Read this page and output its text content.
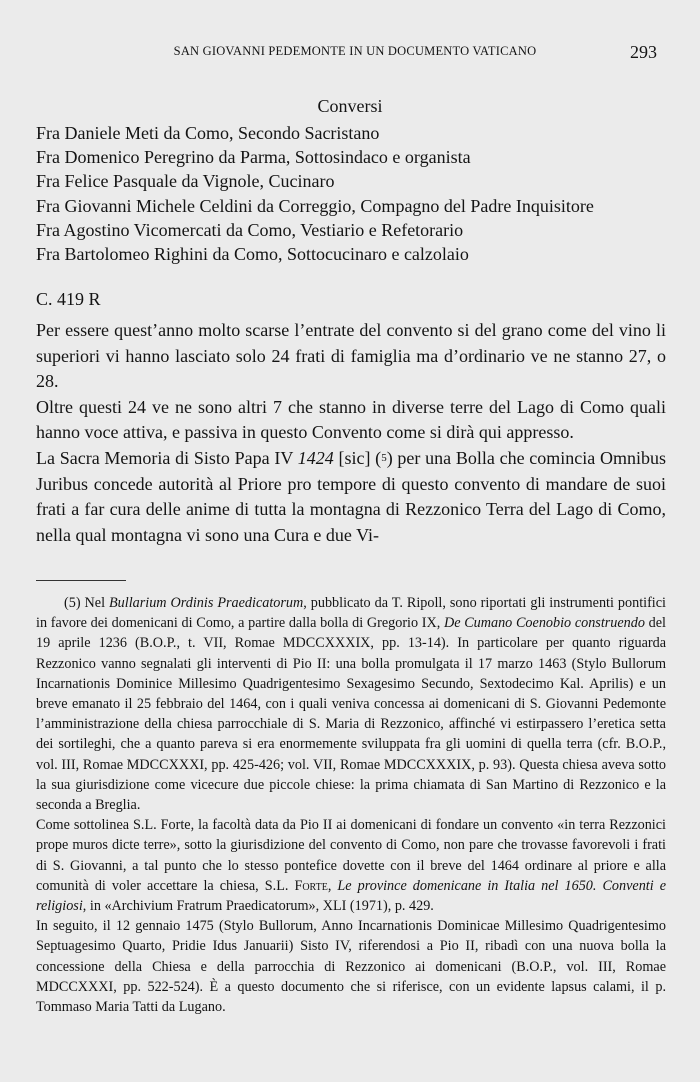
SAN GIOVANNI PEDEMONTE IN UN DOCUMENTO VATICANO	293
Conversi
Fra Daniele Meti da Como, Secondo Sacristano
Fra Domenico Peregrino da Parma, Sottosindaco e organista
Fra Felice Pasquale da Vignole, Cucinaro
Fra Giovanni Michele Celdini da Correggio, Compagno del Padre Inquisitore
Fra Agostino Vicomercati da Como, Vestiario e Refetorario
Fra Bartolomeo Righini da Como, Sottocucinaro e calzolaio
C. 419 R

Per essere quest’anno molto scarse l’entrate del convento si del grano come del vino li superiori vi hanno lasciato solo 24 frati di famiglia ma d’ordinario ve ne stanno 27, o 28.

Oltre questi 24 ve ne sono altri 7 che stanno in diverse terre del Lago di Como quali hanno voce attiva, e passiva in questo Convento come si dirà qui appresso.

La Sacra Memoria di Sisto Papa IV 1424 [sic] (5) per una Bolla che comincia Omnibus Juribus concede autorità al Priore pro tempore di questo convento di mandare de suoi frati a far cura delle anime di tutta la montagna di Rezzonico Terra del Lago di Como, nella qual montagna vi sono una Cura e due Vi-

(5) Nel Bullarium Ordinis Praedicatorum, pubblicato da T. Ripoll, sono riportati gli instrumenti pontifici in favore dei domenicani di Como, a partire dalla bolla di Gregorio IX, De Cumano Coenobio construendo del 19 aprile 1236 (B.O.P., t. VII, Romae MDCCXXXIX, pp. 13-14). In particolare per quanto riguarda Rezzonico vanno segnalati gli interventi di Pio II: una bolla promulgata il 17 marzo 1463 (Stylo Bullorum Incarnationis Dominice Millesimo Quadrigentesimo Sexagesimo Secundo, Sextodecimo Kal. Aprilis) e un breve emanato il 25 febbraio del 1464, con i quali veniva concessa ai domenicani di S. Giovanni Pedemonte l’amministrazione della chiesa parrocchiale di S. Maria di Rezzonico, affinché vi estirpassero l’eretica setta dei sortileghi, che a quanto pareva si era enormemente sviluppata fra gli uomini di quella terra (cfr. B.O.P., vol. III, Romae MDCCXXXI, pp. 425-426; vol. VII, Romae MDCCXXXIX, p. 93). Questa chiesa aveva sotto la sua giurisdizione come vicecure due piccole chiese: la prima chiamata di San Martino di Rezzonico e la seconda a Breglia.

Come sottolinea S.L. Forte, la facoltà data da Pio II ai domenicani di fondare un convento «in terra Rezzonici prope muros dicte terre», sotto la giurisdizione del convento di Como, non pare che trovasse favorevoli i frati di S. Giovanni, a tal punto che lo stesso pontefice dovette con il breve del 1464 ordinare al priore e alla comunità di voler accettare la chiesa, S.L. Forte, Le province domenicane in Italia nel 1650. Conventi e religiosi, in «Archivium Fratrum Praedicatorum», XLI (1971), p. 429.

In seguito, il 12 gennaio 1475 (Stylo Bullorum, Anno Incarnationis Dominicae Millesimo Quadrigentesimo Septuagesimo Quarto, Pridie Idus Januarii) Sisto IV, riferendosi a Pio II, ribadì con una nuova bolla la concessione della Chiesa e della parrocchia di Rezzonico ai domenicani (B.O.P., vol. III, Romae MDCCXXXI, pp. 522-524). È a questo documento che si riferisce, con un evidente lapsus calami, il p. Tommaso Maria Tatti da Lugano.
